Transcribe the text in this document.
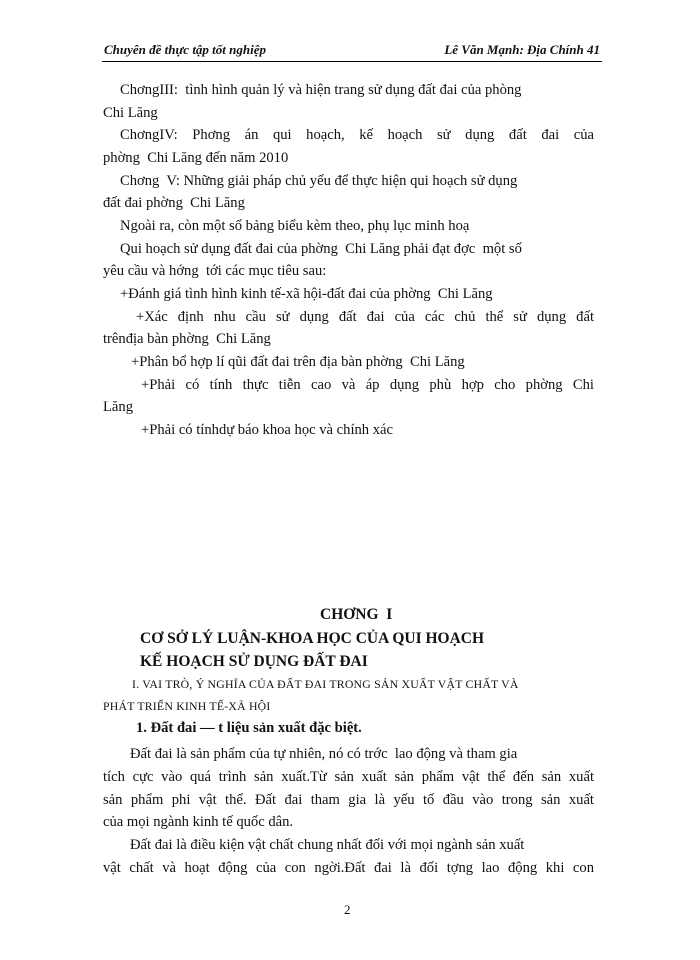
Chuyên đề thực tập tốt nghiệp	Lê Văn Mạnh: Địa Chính 41
ChơngIII:  tình hình quản lý và hiện trang sử dụng đất đai của phòng
Chi Lăng
ChơngIV: Phơng án qui hoạch, kế hoạch sử dụng đất đai của
phờng  Chi Lăng đến năm 2010
Chơng  V: Những giải pháp chủ yếu để thực hiện qui hoạch sử dụng
đất đai phờng  Chi Lăng
Ngoài ra, còn một số bảng biểu kèm theo, phụ lục minh hoạ
Qui hoạch sử dụng đất đai của phờng  Chi Lăng phải đạt đợc  một số
yêu cầu và hớng  tới các mục tiêu sau:
+Đánh giá tình hình kinh tế-xã hội-đất đai của phờng  Chi Lăng
+Xác định nhu cầu sử dụng đất đai của các chủ thể sử dụng đất
trênđịa bàn phờng  Chi Lăng
+Phân bổ hợp lí qũi đất đai trên địa bàn phờng  Chi Lăng
+Phải có tính thực tiễn cao và áp dụng phù hợp cho phờng Chi
Lăng
+Phải có tínhdự báo khoa học và chính xác
CHƠNG  I
CƠ SỞ LÝ LUẬN-KHOA HỌC CỦA QUI HOẠCH
KẾ HOẠCH SỬ DỤNG ĐẤT ĐAI
I. VAI TRÒ, Ý NGHĨA CỦA ĐẤT ĐAI TRONG SẢN XUẤT VẬT CHẤT VÀ
PHÁT TRIỂN KINH TẾ-XÃ HỘI
1. Đất đai — t liệu sản xuất đặc biệt.
Đất đai là sản phẩm của tự nhiên, nó có trớc  lao động và tham gia
tích cực vào quá trình sản xuất.Từ sản xuất sản phẩm vật thể đến sản xuất
sản phẩm phi vật thể. Đất đai tham gia là yếu tố đầu vào trong sản xuất
của mọi ngành kinh tế quốc dân.
Đất đai là điều kiện vật chất chung nhất đối với mọi ngành sản xuất
vật chất và hoạt động của con ngời.Đất đai là đối tợng lao động khi con
2
